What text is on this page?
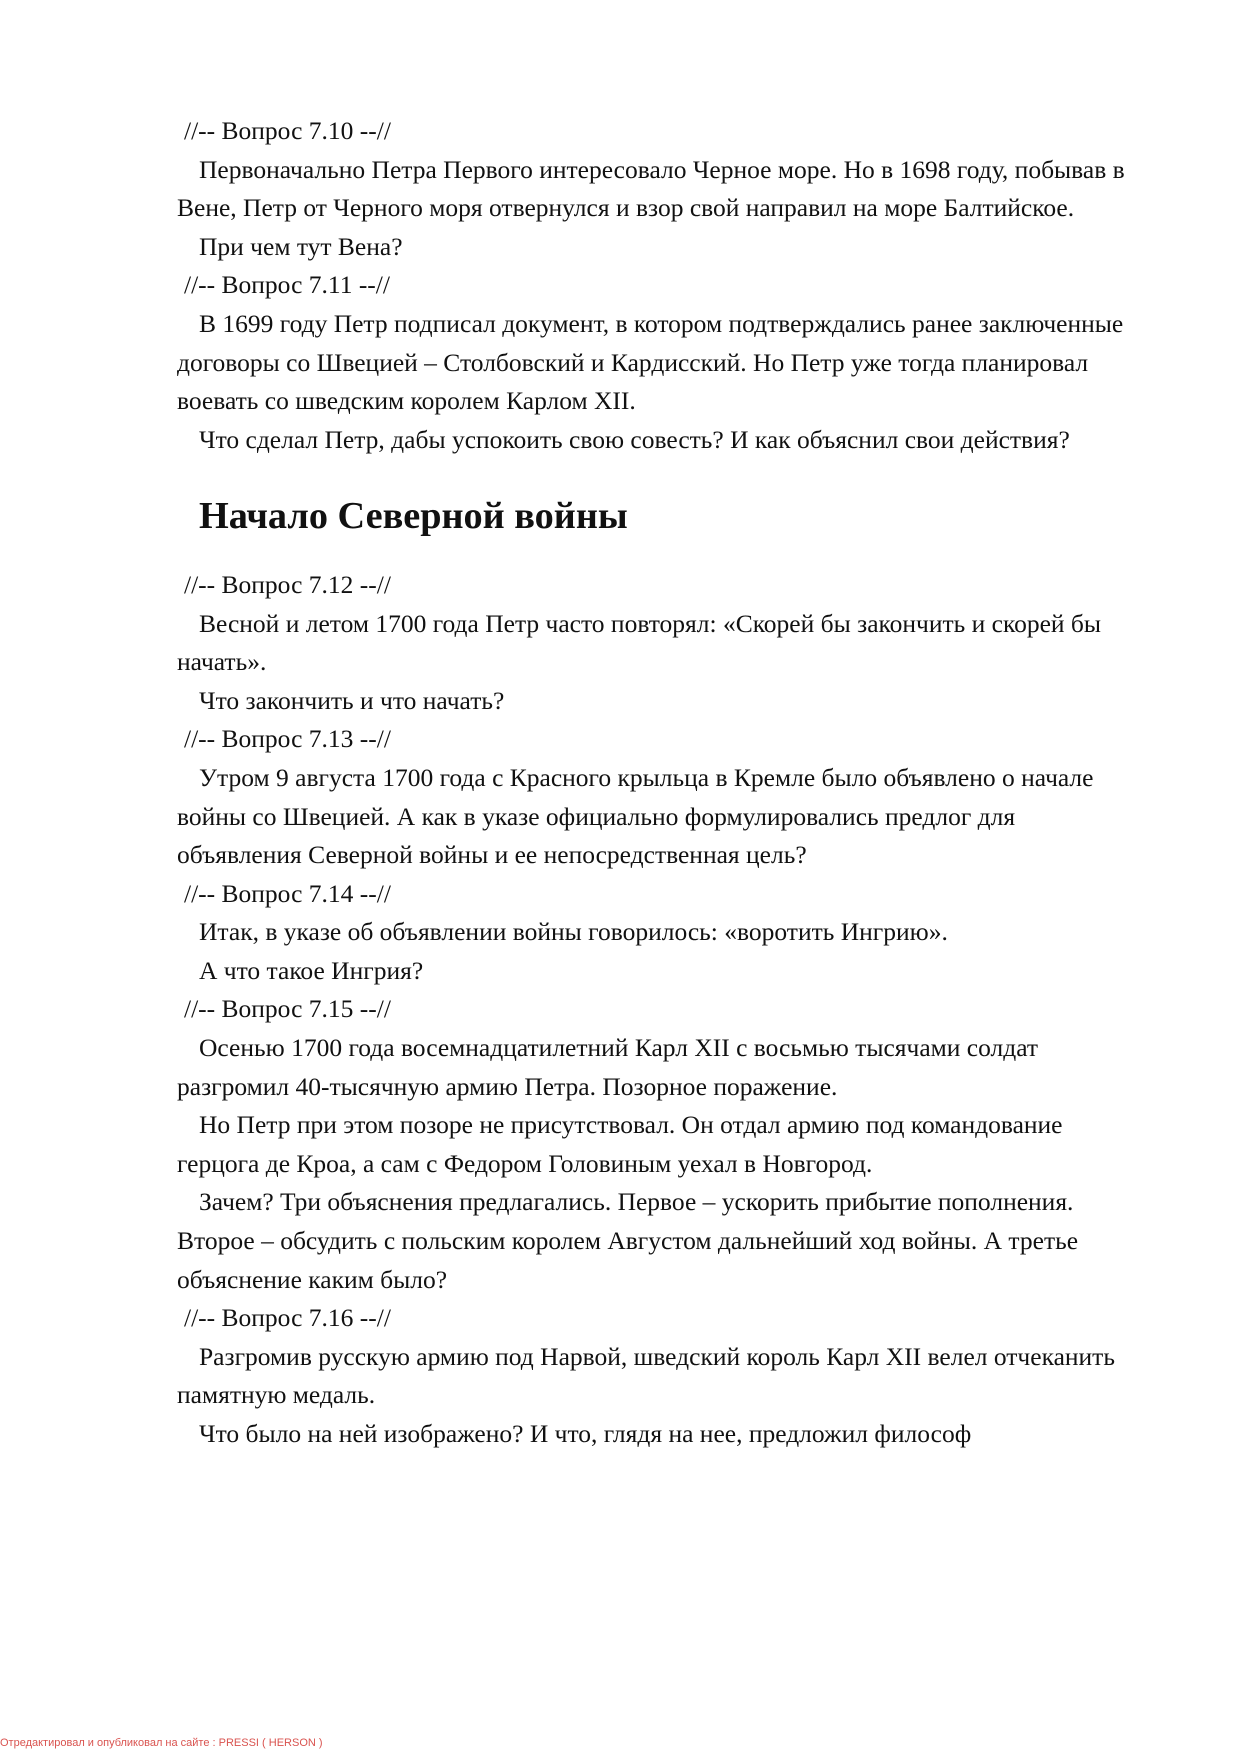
//-- Вопрос 7.10 --//

Первоначально Петра Первого интересовало Черное море. Но в 1698 году, побывав в Вене, Петр от Черного моря отвернулся и взор свой направил на море Балтийское.

При чем тут Вена?

//-- Вопрос 7.11 --//

В 1699 году Петр подписал документ, в котором подтверждались ранее заключенные договоры со Швецией – Столбовский и Кардисский. Но Петр уже тогда планировал воевать со шведским королем Карлом XII.

Что сделал Петр, дабы успокоить свою совесть? И как объяснил свои действия?

Начало Северной войны

//-- Вопрос 7.12 --//

Весной и летом 1700 года Петр часто повторял: «Скорей бы закончить и скорей бы начать».

Что закончить и что начать?

//-- Вопрос 7.13 --//

Утром 9 августа 1700 года с Красного крыльца в Кремле было объявлено о начале войны со Швецией. А как в указе официально формулировались предлог для объявления Северной войны и ее непосредственная цель?

//-- Вопрос 7.14 --//

Итак, в указе об объявлении войны говорилось: «воротить Ингрию».

А что такое Ингрия?

//-- Вопрос 7.15 --//

Осенью 1700 года восемнадцатилетний Карл XII с восьмью тысячами солдат разгромил 40-тысячную армию Петра. Позорное поражение.

Но Петр при этом позоре не присутствовал. Он отдал армию под командование герцога де Кроа, а сам с Федором Головиным уехал в Новгород.

Зачем? Три объяснения предлагались. Первое – ускорить прибытие пополнения. Второе – обсудить с польским королем Августом дальнейший ход войны. А третье объяснение каким было?

//-- Вопрос 7.16 --//

Разгромив русскую армию под Нарвой, шведский король Карл XII велел отчеканить памятную медаль.

Что было на ней изображено? И что, глядя на нее, предложил философ

Отредактировал и опубликовал на сайте : PRESSI ( HERSON )
